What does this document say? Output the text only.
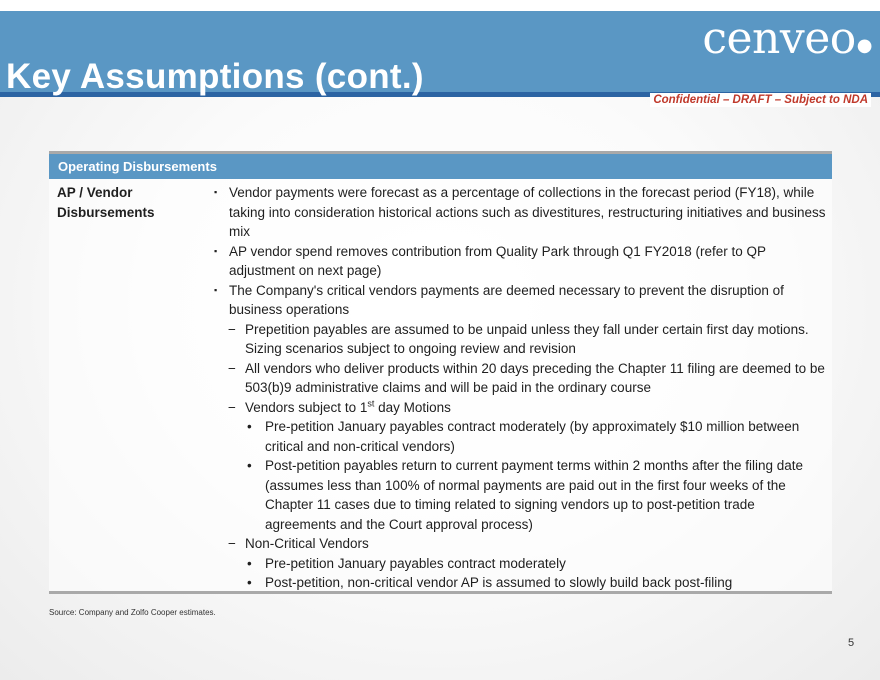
cenveo●
Key Assumptions (cont.)
Confidential – DRAFT – Subject to NDA
Operating Disbursements
AP / Vendor
Disbursements
▪ Vendor payments were forecast as a percentage of collections in the forecast period (FY18), while taking into consideration historical actions such as divestitures, restructuring initiatives and business mix
▪ AP vendor spend removes contribution from Quality Park through Q1 FY2018 (refer to QP adjustment on next page)
▪ The Company's critical vendors payments are deemed necessary to prevent the disruption of business operations
− Prepetition payables are assumed to be unpaid unless they fall under certain first day motions. Sizing scenarios subject to ongoing review and revision
− All vendors who deliver products within 20 days preceding the Chapter 11 filing are deemed to be 503(b)9 administrative claims and will be paid in the ordinary course
− Vendors subject to 1st day Motions
• Pre-petition January payables contract moderately (by approximately $10 million between critical and non-critical vendors)
• Post-petition payables return to current payment terms within 2 months after the filing date (assumes less than 100% of normal payments are paid out in the first four weeks of the Chapter 11 cases due to timing related to signing vendors up to post-petition trade agreements and the Court approval process)
− Non-Critical Vendors
• Pre-petition January payables contract moderately
• Post-petition, non-critical vendor AP is assumed to slowly build back post-filing
Source: Company and Zolfo Cooper estimates.
5
